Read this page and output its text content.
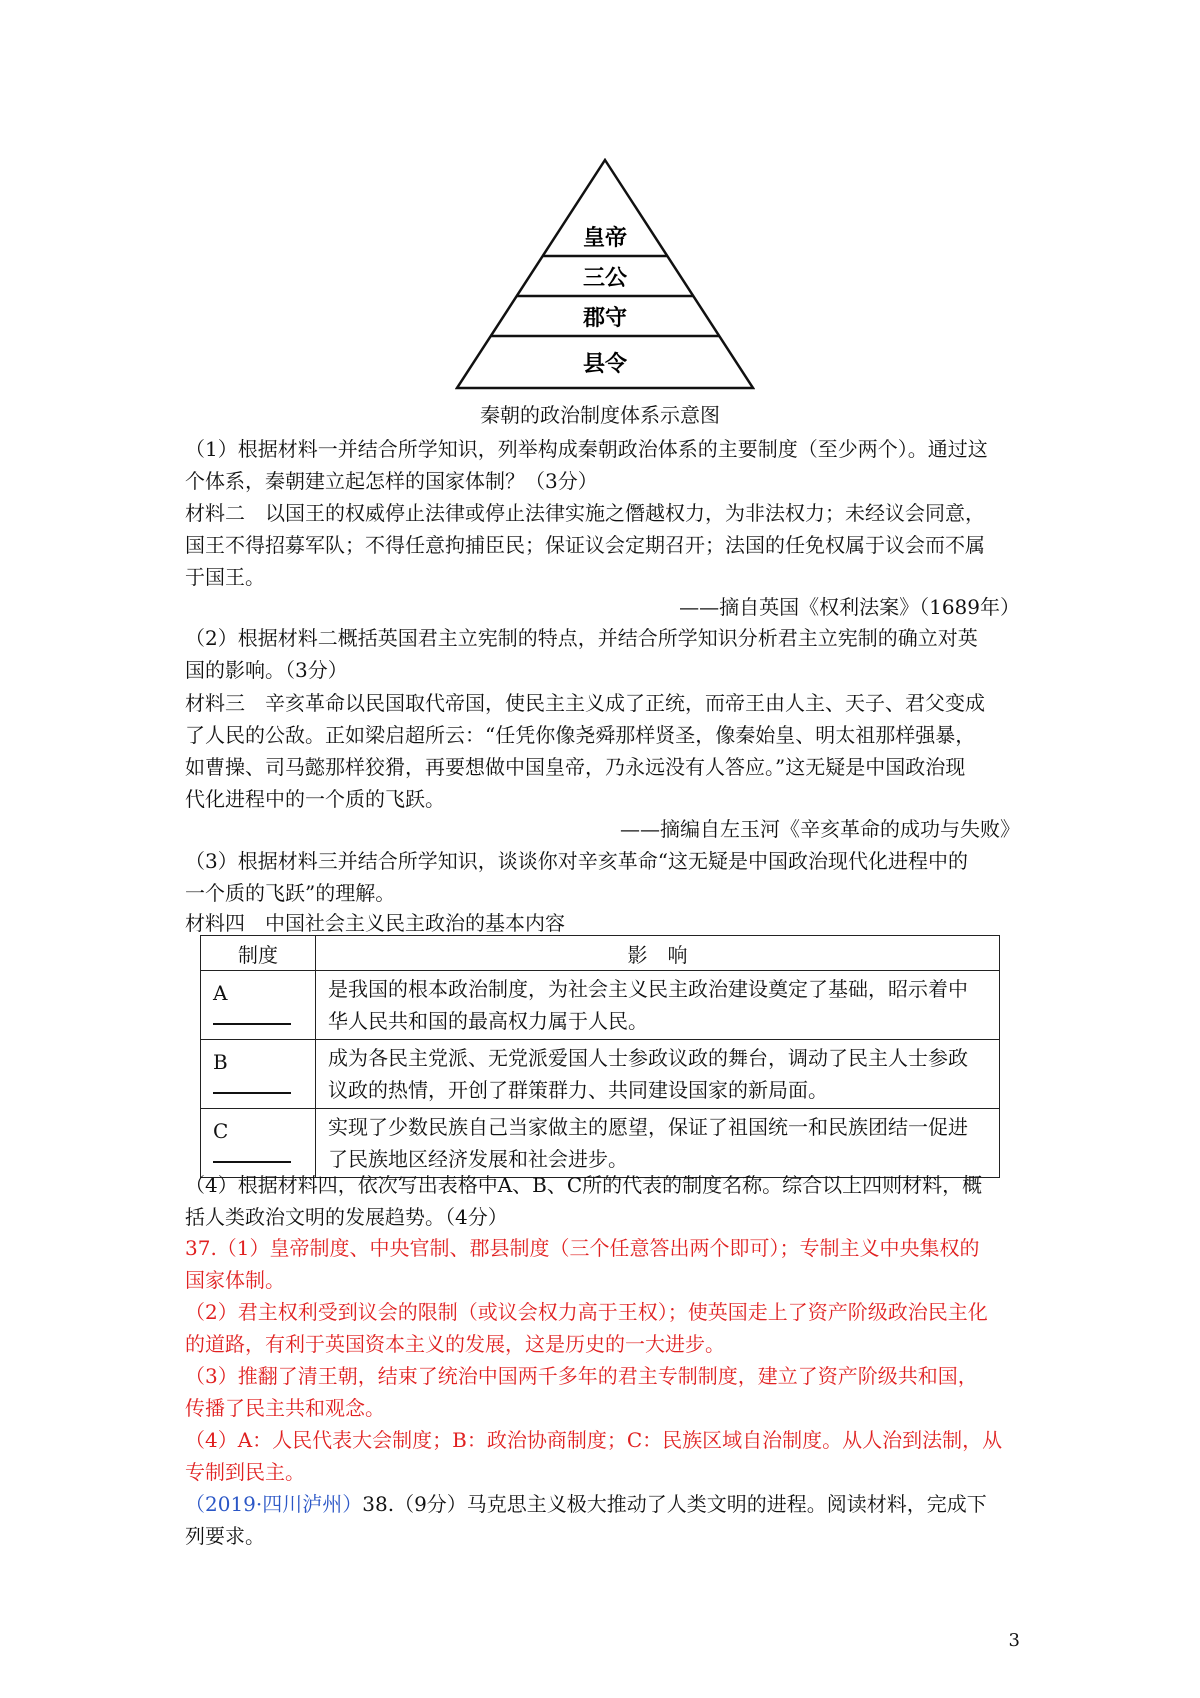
皇帝
三公
郡守
县令
秦朝的政治制度体系示意图
（1）根据材料一并结合所学知识，列举构成秦朝政治体系的主要制度（至少两个）。通过这
个体系，秦朝建立起怎样的国家体制？（3分）
材料二　以国王的权威停止法律或停止法律实施之僭越权力，为非法权力；未经议会同意，
国王不得招募军队；不得任意拘捕臣民；保证议会定期召开；法国的任免权属于议会而不属
于国王。
——摘自英国《权利法案》（1689年）
（2）根据材料二概括英国君主立宪制的特点，并结合所学知识分析君主立宪制的确立对英
国的影响。（3分）
材料三　辛亥革命以民国取代帝国，使民主主义成了正统，而帝王由人主、天子、君父变成
了人民的公敌。正如梁启超所云：“任凭你像尧舜那样贤圣，像秦始皇、明太祖那样强暴，
如曹操、司马懿那样狡猾，再要想做中国皇帝，乃永远没有人答应。”这无疑是中国政治现
代化进程中的一个质的飞跃。
——摘编自左玉河《辛亥革命的成功与失败》
（3）根据材料三并结合所学知识，谈谈你对辛亥革命“这无疑是中国政治现代化进程中的
一个质的飞跃”的理解。
材料四　中国社会主义民主政治的基本内容
制度	影　响
A	是我国的根本政治制度，为社会主义民主政治建设奠定了基础，昭示着中华人民共和国的最高权力属于人民。
B	成为各民主党派、无党派爱国人士参政议政的舞台，调动了民主人士参政议政的热情，开创了群策群力、共同建设国家的新局面。
C	实现了少数民族自己当家做主的愿望，保证了祖国统一和民族团结一促进了民族地区经济发展和社会进步。
（4）根据材料四，依次写出表格中A、B、C所的代表的制度名称。综合以上四则材料，概
括人类政治文明的发展趋势。（4分）
37.（1）皇帝制度、中央官制、郡县制度（三个任意答出两个即可）；专制主义中央集权的
国家体制。
（2）君主权利受到议会的限制（或议会权力高于王权）；使英国走上了资产阶级政治民主化
的道路，有利于英国资本主义的发展，这是历史的一大进步。
（3）推翻了清王朝，结束了统治中国两千多年的君主专制制度，建立了资产阶级共和国，
传播了民主共和观念。
（4）A：人民代表大会制度；B：政治协商制度；C：民族区域自治制度。从人治到法制，从
专制到民主。
（2019·四川泸州）38.（9分）马克思主义极大推动了人类文明的进程。阅读材料，完成下
列要求。
3
